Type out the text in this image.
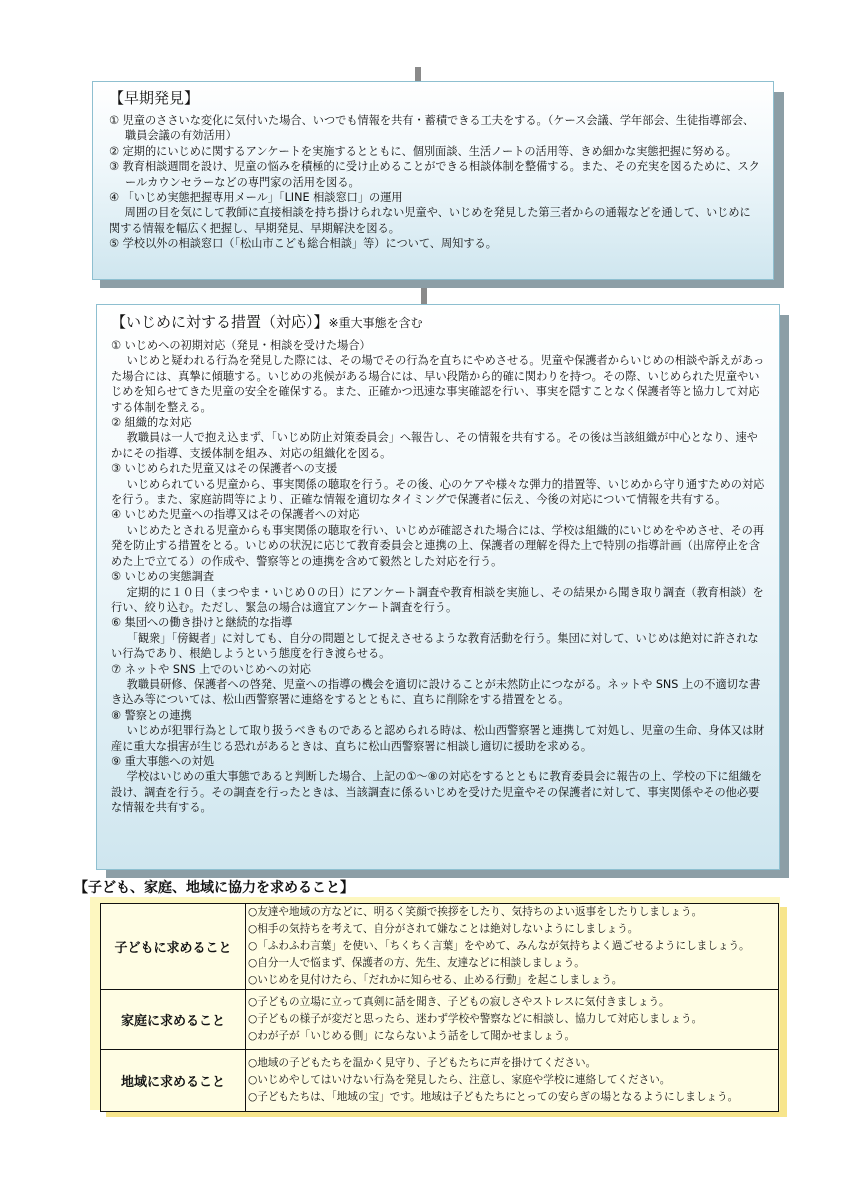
【早期発見】
① 児童のささいな変化に気付いた場合、いつでも情報を共有・蓄積できる工夫をする。（ケース会議、学年部会、生徒指導部会、職員会議の有効活用）
② 定期的にいじめに関するアンケートを実施するとともに、個別面談、生活ノートの活用等、きめ細かな実態把握に努める。
③ 教育相談週間を設け、児童の悩みを積極的に受け止めることができる相談体制を整備する。また、その充実を図るために、スクールカウンセラーなどの専門家の活用を図る。
④ 「いじめ実態把握専用メール」「LINE 相談窓口」の運用
周囲の目を気にして教師に直接相談を持ち掛けられない児童や、いじめを発見した第三者からの通報などを通して、いじめに関する情報を幅広く把握し、早期発見、早期解決を図る。
⑤ 学校以外の相談窓口（「松山市こども総合相談」等）について、周知する。
【いじめに対する措置（対応）】※重大事態を含む
① いじめへの初期対応（発見・相談を受けた場合）
いじめと疑われる行為を発見した際には、その場でその行為を直ちにやめさせる。児童や保護者からいじめの相談や訴えがあった場合には、真摯に傾聴する。いじめの兆候がある場合には、早い段階から的確に関わりを持つ。その際、いじめられた児童やいじめを知らせてきた児童の安全を確保する。また、正確かつ迅速な事実確認を行い、事実を隠すことなく保護者等と協力して対応する体制を整える。
② 組織的な対応
教職員は一人で抱え込まず、「いじめ防止対策委員会」へ報告し、その情報を共有する。その後は当該組織が中心となり、速やかにその指導、支援体制を組み、対応の組織化を図る。
③ いじめられた児童又はその保護者への支援
いじめられている児童から、事実関係の聴取を行う。その後、心のケアや様々な弾力的措置等、いじめから守り通すための対応を行う。また、家庭訪問等により、正確な情報を適切なタイミングで保護者に伝え、今後の対応について情報を共有する。
④ いじめた児童への指導又はその保護者への対応
いじめたとされる児童からも事実関係の聴取を行い、いじめが確認された場合には、学校は組織的にいじめをやめさせ、その再発を防止する措置をとる。いじめの状況に応じて教育委員会と連携の上、保護者の理解を得た上で特別の指導計画（出席停止を含めた上で立てる）の作成や、警察等との連携を含めて毅然とした対応を行う。
⑤ いじめの実態調査
定期的に１０日（まつやま・いじめ０の日）にアンケート調査や教育相談を実施し、その結果から聞き取り調査（教育相談）を行い、絞り込む。ただし、緊急の場合は適宜アンケート調査を行う。
⑥ 集団への働き掛けと継続的な指導
「観衆」「傍観者」に対しても、自分の問題として捉えさせるような教育活動を行う。集団に対して、いじめは絶対に許されない行為であり、根絶しようという態度を行き渡らせる。
⑦ ネットや SNS 上でのいじめへの対応
教職員研修、保護者への啓発、児童への指導の機会を適切に設けることが未然防止につながる。ネットや SNS 上の不適切な書き込み等については、松山西警察署に連絡をするとともに、直ちに削除をする措置をとる。
⑧ 警察との連携
いじめが犯罪行為として取り扱うべきものであると認められる時は、松山西警察署と連携して対処し、児童の生命、身体又は財産に重大な損害が生じる恐れがあるときは、直ちに松山西警察署に相談し適切に援助を求める。
⑨ 重大事態への対処
学校はいじめの重大事態であると判断した場合、上記の①～⑧の対応をするとともに教育委員会に報告の上、学校の下に組織を設け、調査を行う。その調査を行ったときは、当該調査に係るいじめを受けた児童やその保護者に対して、事実関係やその他必要な情報を共有する。
【子ども、家庭、地域に協力を求めること】
子どもに求めること	○友達や地域の方などに、明るく笑顔で挨拶をしたり、気持ちのよい返事をしたりしましょう。
○相手の気持ちを考えて、自分がされて嫌なことは絶対しないようにしましょう。
○「ふわふわ言葉」を使い、「ちくちく言葉」をやめて、みんなが気持ちよく過ごせるようにしましょう。
○自分一人で悩まず、保護者の方、先生、友達などに相談しましょう。
○いじめを見付けたら、「だれかに知らせる、止める行動」を起こしましょう。

家庭に求めること	○子どもの立場に立って真剣に話を聞き、子どもの寂しさやストレスに気付きましょう。
○子どもの様子が変だと思ったら、迷わず学校や警察などに相談し、協力して対応しましょう。
○わが子が「いじめる側」にならないよう話をして聞かせましょう。

地域に求めること	○地域の子どもたちを温かく見守り、子どもたちに声を掛けてください。
○いじめやしてはいけない行為を発見したら、注意し、家庭や学校に連絡してください。
○子どもたちは、「地域の宝」です。地域は子どもたちにとっての安らぎの場となるようにしましょう。
